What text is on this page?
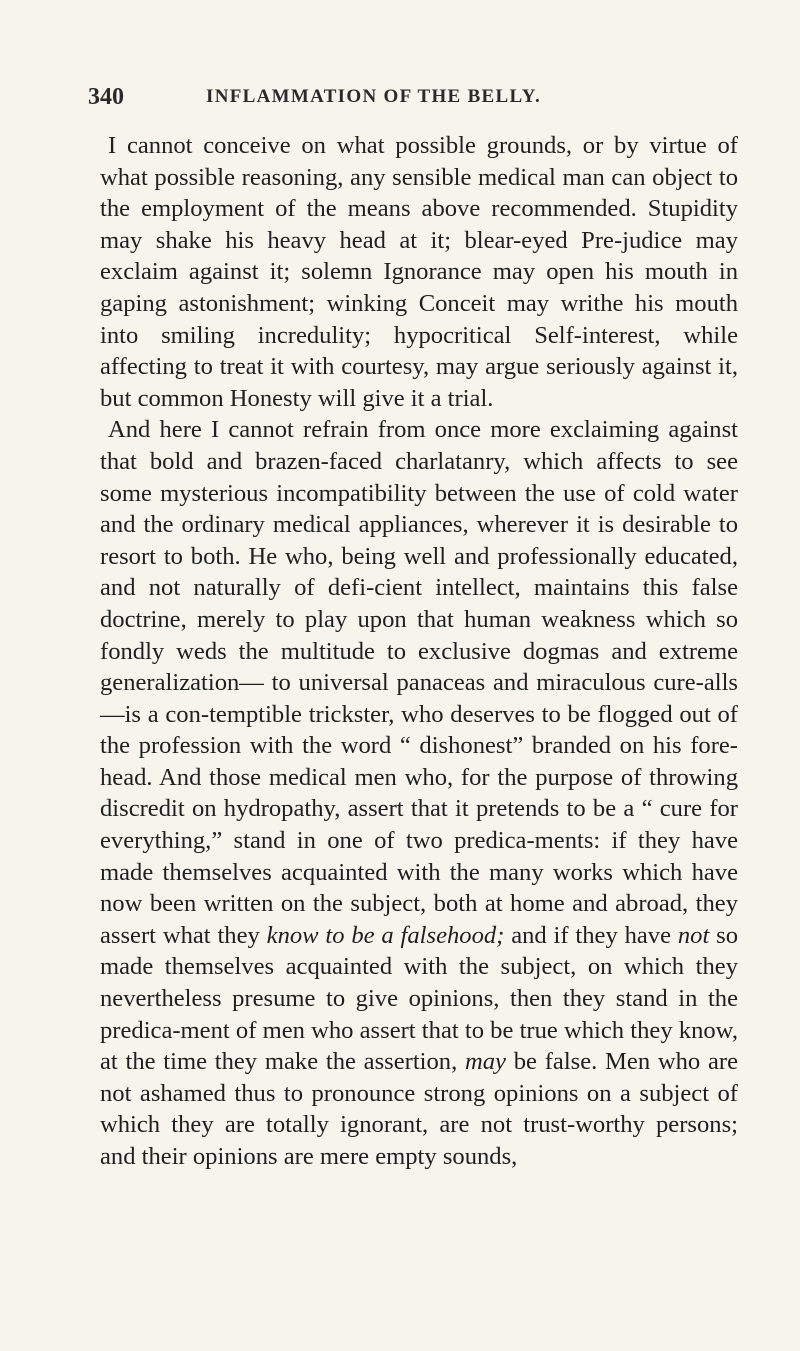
340	INFLAMMATION OF THE BELLY.

I cannot conceive on what possible grounds, or by virtue of what possible reasoning, any sensible medical man can object to the employment of the means above recommended. Stupidity may shake his heavy head at it; blear-eyed Pre-judice may exclaim against it; solemn Ignorance may open his mouth in gaping astonishment; winking Conceit may writhe his mouth into smiling incredulity; hypocritical Self-interest, while affecting to treat it with courtesy, may argue seriously against it, but common Honesty will give it a trial.

And here I cannot refrain from once more exclaiming against that bold and brazen-faced charlatanry, which affects to see some mysterious incompatibility between the use of cold water and the ordinary medical appliances, wherever it is desirable to resort to both. He who, being well and professionally educated, and not naturally of defi-cient intellect, maintains this false doctrine, merely to play upon that human weakness which so fondly weds the multitude to exclusive dogmas and extreme generalization— to universal panaceas and miraculous cure-alls—is a con-temptible trickster, who deserves to be flogged out of the profession with the word “ dishonest” branded on his fore-head. And those medical men who, for the purpose of throwing discredit on hydropathy, assert that it pretends to be a “ cure for everything,” stand in one of two predica-ments: if they have made themselves acquainted with the many works which have now been written on the subject, both at home and abroad, they assert what they know to be a falsehood; and if they have not so made themselves acquainted with the subject, on which they nevertheless presume to give opinions, then they stand in the predica-ment of men who assert that to be true which they know, at the time they make the assertion, may be false. Men who are not ashamed thus to pronounce strong opinions on a subject of which they are totally ignorant, are not trust-worthy persons; and their opinions are mere empty sounds,
